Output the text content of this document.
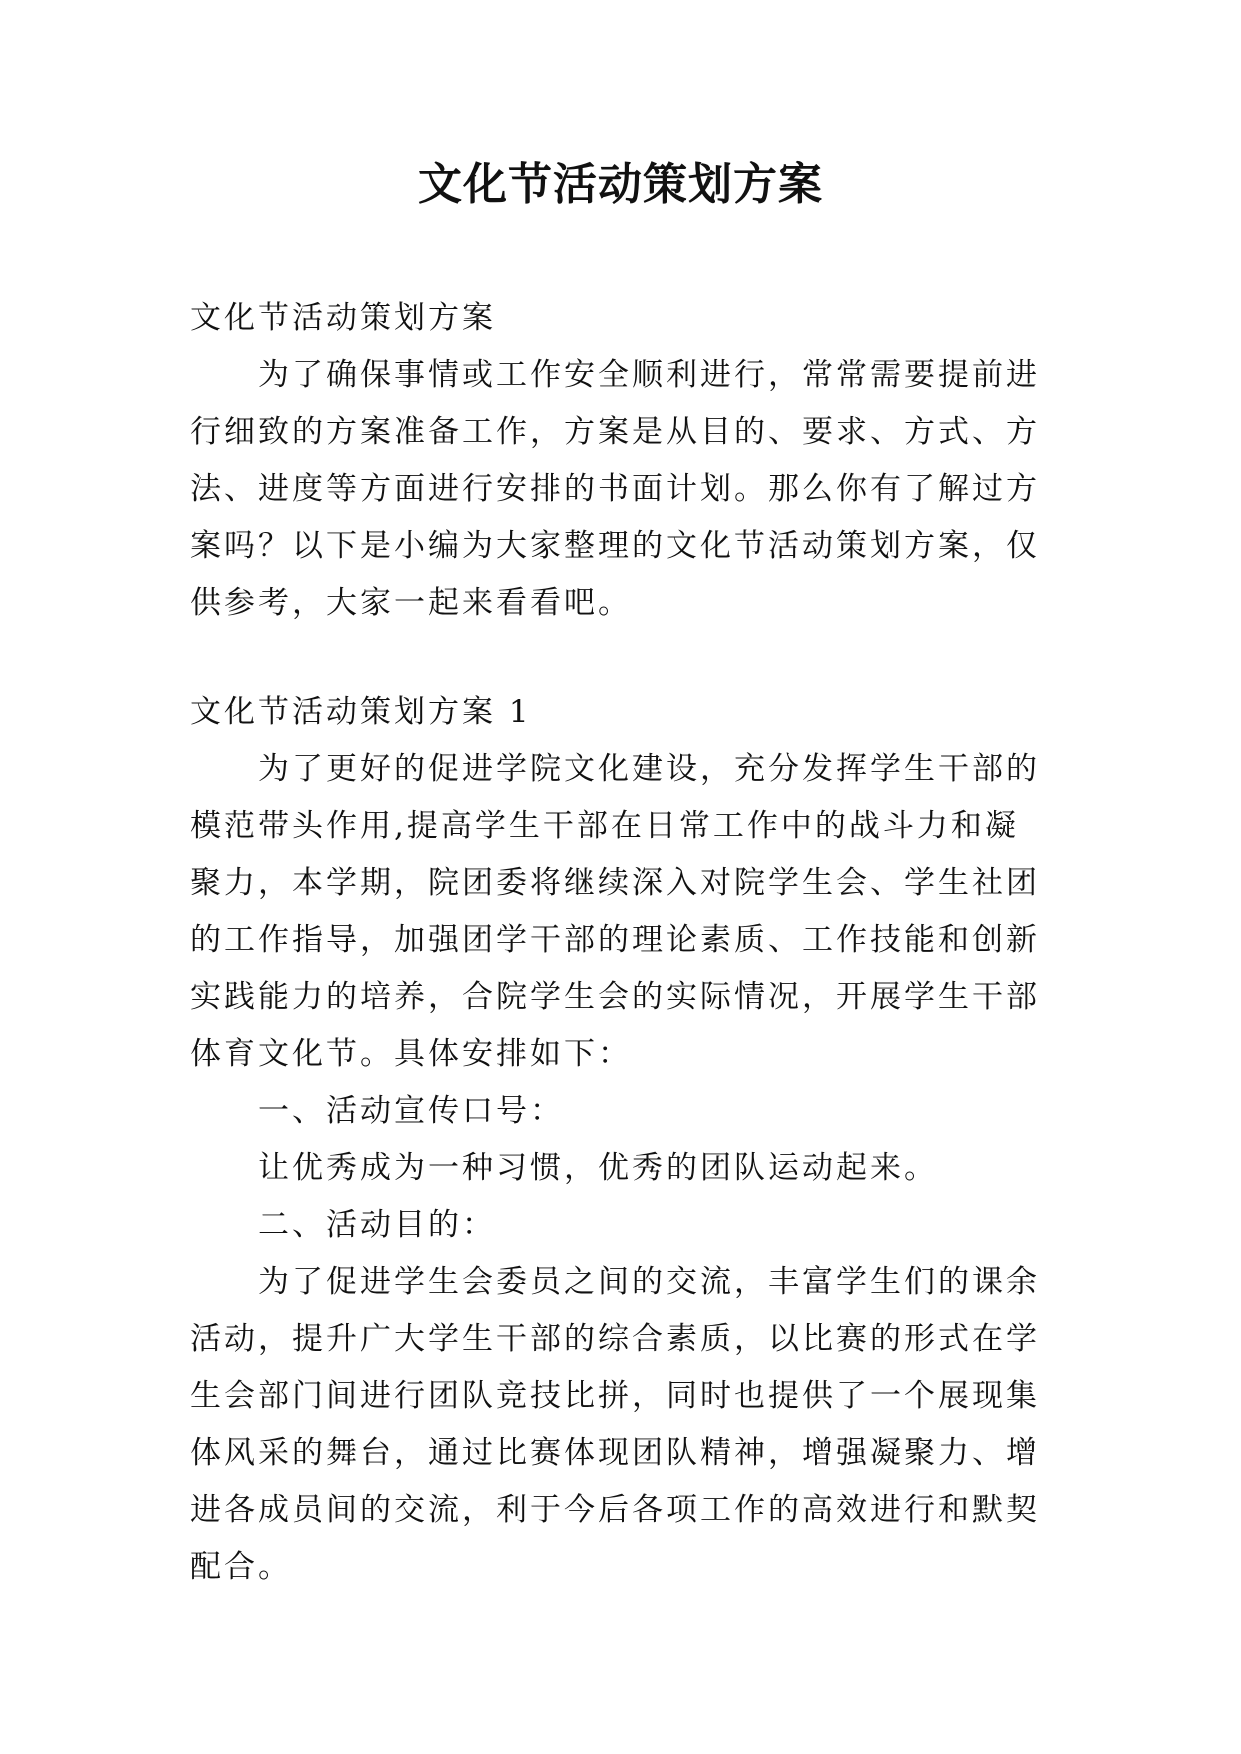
文化节活动策划方案

文化节活动策划方案

为了确保事情或工作安全顺利进行，常常需要提前进行细致的方案准备工作，方案是从目的、要求、方式、方法、进度等方面进行安排的书面计划。那么你有了解过方案吗？以下是小编为大家整理的文化节活动策划方案，仅供参考，大家一起来看看吧。

文化节活动策划方案 1

为了更好的促进学院文化建设，充分发挥学生干部的模范带头作用,提高学生干部在日常工作中的战斗力和凝聚力，本学期，院团委将继续深入对院学生会、学生社团的工作指导，加强团学干部的理论素质、工作技能和创新实践能力的培养，合院学生会的实际情况，开展学生干部体育文化节。具体安排如下：

一、活动宣传口号：

让优秀成为一种习惯，优秀的团队运动起来。

二、活动目的：

为了促进学生会委员之间的交流，丰富学生们的课余活动，提升广大学生干部的综合素质，以比赛的形式在学生会部门间进行团队竞技比拼，同时也提供了一个展现集体风采的舞台，通过比赛体现团队精神，增强凝聚力、增进各成员间的交流，利于今后各项工作的高效进行和默契配合。
